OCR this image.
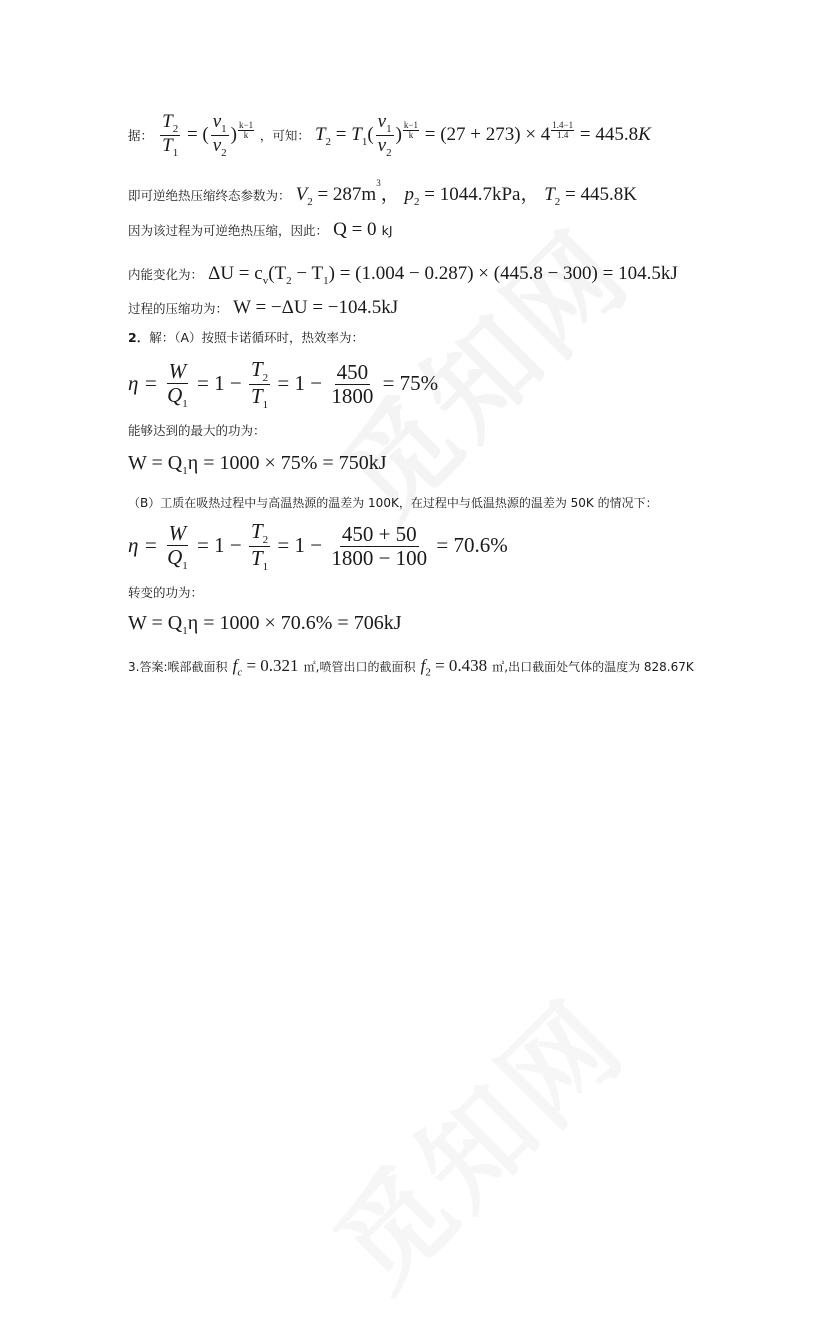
据： $\frac{T_2}{T_1}$ = ( $\frac{v_1}{v_2}$ ) $\frac{k-1}{k}$ ，可知： $T_2 = T_1( \frac{v_1}{v_2}$ ) $\frac{k-1}{k} = (27 + 273) \times 4 \frac{1.4-1}{1.4} = 445.8K$
即可逆绝热压缩终态参数为： $V_2 = 287m^3$， $p_2 = 1044.7kPa$， $T_2 = 445.8K$
因为该过程为可逆绝热压缩，因此： Q = 0 kJ
内能变化为： $\Delta U = c_v(T_2 - T_1) = (1.004 - 0.287) \times (445.8 - 300) = 104.5kJ$
过程的压缩功为： W = −ΔU = −104.5kJ
2．解：（A）按照卡诺循环时，热效率为：
$\eta = \frac{W}{Q_1} = 1 - \frac{T_2}{T_1} = 1 - \frac{450}{1800} = 75\%$
能够达到的最大的功为：
$W = Q_1\eta = 1000 \times 75\% = 750kJ$
（B）工质在吸热过程中与高温热源的温差为 100K，在过程中与低温热源的温差为 50K 的情况下：
$\eta = \frac{W}{Q_1} = 1 - \frac{T_2}{T_1} = 1 - \frac{450 + 50}{1800 - 100} = 70.6\%$
转变的功为：
$W = Q_1\eta = 1000 \times 70.6\% = 706kJ$
3.答案:喉部截面积 $f_c = 0.321$ ㎡,喷管出口的截面积 $f_2 = 0.438$ ㎡,出口截面处气体的温度为 828.67K
